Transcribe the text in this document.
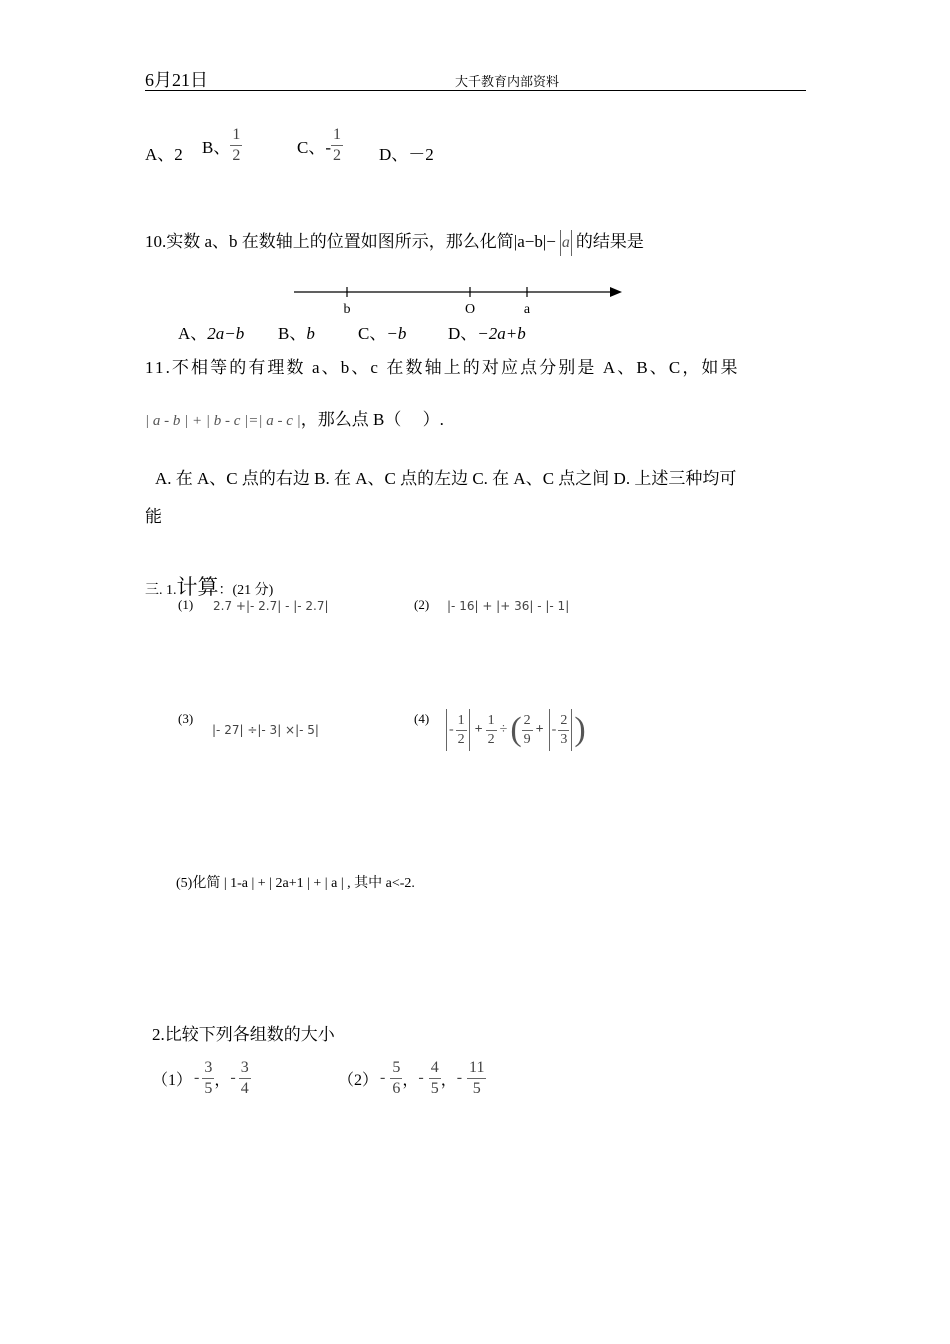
6月21日	大千教育内部资料
A、2 B、 $\frac{1}{2}$	C、- $\frac{1}{2}$ D、－2
10.实数 a、b 在数轴上的位置如图所示，那么化简|a−b|− a 的结果是
b	O	a
A、2a−b B、b	C、−b D、−2a+b
11.不相等的有理数 a、b、c 在数轴上的对应点分别是 A、B、C，如果
| a - b | + | b - c |=| a - c |，那么点 B（　 ）.
A. 在 A、C 点的右边 B. 在 A、C 点的左边 C. 在 A、C 点之间 D. 上述三种均可
能
三. 1.计算：(21 分)
(1) 2.7 +|- 2.7| - |- 2.7|	(2) |- 16| + |+ 36| - |- 1|
(3)
|- 27| ÷|- 3| ×|- 5|
(4)
- $\frac{1}{2} + \frac{1}{2}$ ÷ ( $\frac{2}{9}$ + - $\frac{2}{3}$ )
(5)化简 | 1-a | + | 2a+1 | + | a | , 其中 a<-2.
2.比较下列各组数的大小
$(1) - \frac{3}{5}$ ， - $\frac{3}{4}$	$(2) - \frac{5}{6}$ ， - $\frac{4}{5}$ ， - $\frac{11}{5}$
